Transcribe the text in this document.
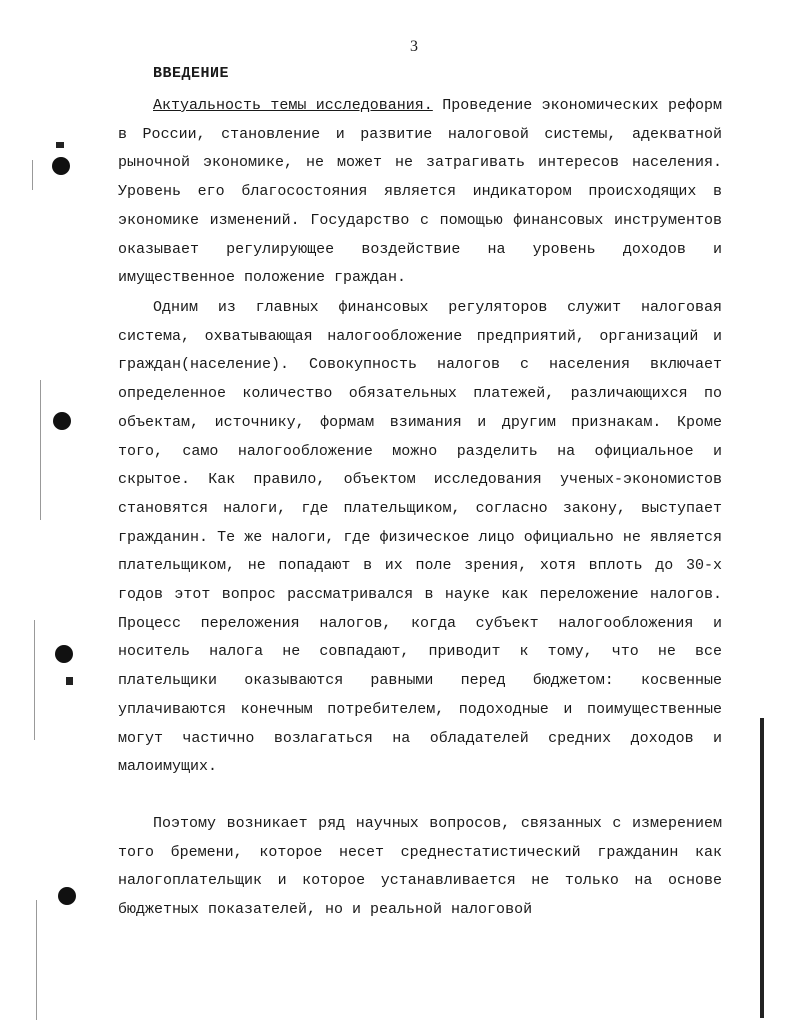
3
ВВЕДЕНИЕ

Актуальность темы исследования. Проведение экономических реформ в России, становление и развитие налоговой системы, адекватной рыночной экономике, не может не затрагивать интересов населения. Уровень его благосостояния является индикатором происходящих в экономике изменений. Государство с помощью финансовых инструментов оказывает регулирующее воздействие на уровень доходов и имущественное положение граждан.

Одним из главных финансовых регуляторов служит налоговая система, охватывающая налогообложение предприятий, организаций и граждан(население). Совокупность налогов с населения включает определенное количество обязательных платежей, различающихся по объектам, источнику, формам взимания и другим признакам. Кроме того, само налогообложение можно разделить на официальное и скрытое. Как правило, объектом исследования ученых-экономистов становятся налоги, где плательщиком, согласно закону, выступает гражданин. Те же налоги, где физическое лицо официально не является плательщиком, не попадают в их поле зрения, хотя вплоть до 30-х годов этот вопрос рассматривался в науке как переложение налогов. Процесс переложения налогов, когда субъект налогообложения и носитель налога не совпадают, приводит к тому, что не все плательщики оказываются равными перед бюджетом: косвенные уплачиваются конечным потребителем, подоходные и поимущественные могут частично возлагаться на обладателей средних доходов и малоимущих.

Поэтому возникает ряд научных вопросов, связанных с измерением того бремени, которое несет среднестатистический гражданин как налогоплательщик и которое устанавливается не только на основе бюджетных показателей, но и реальной налоговой
